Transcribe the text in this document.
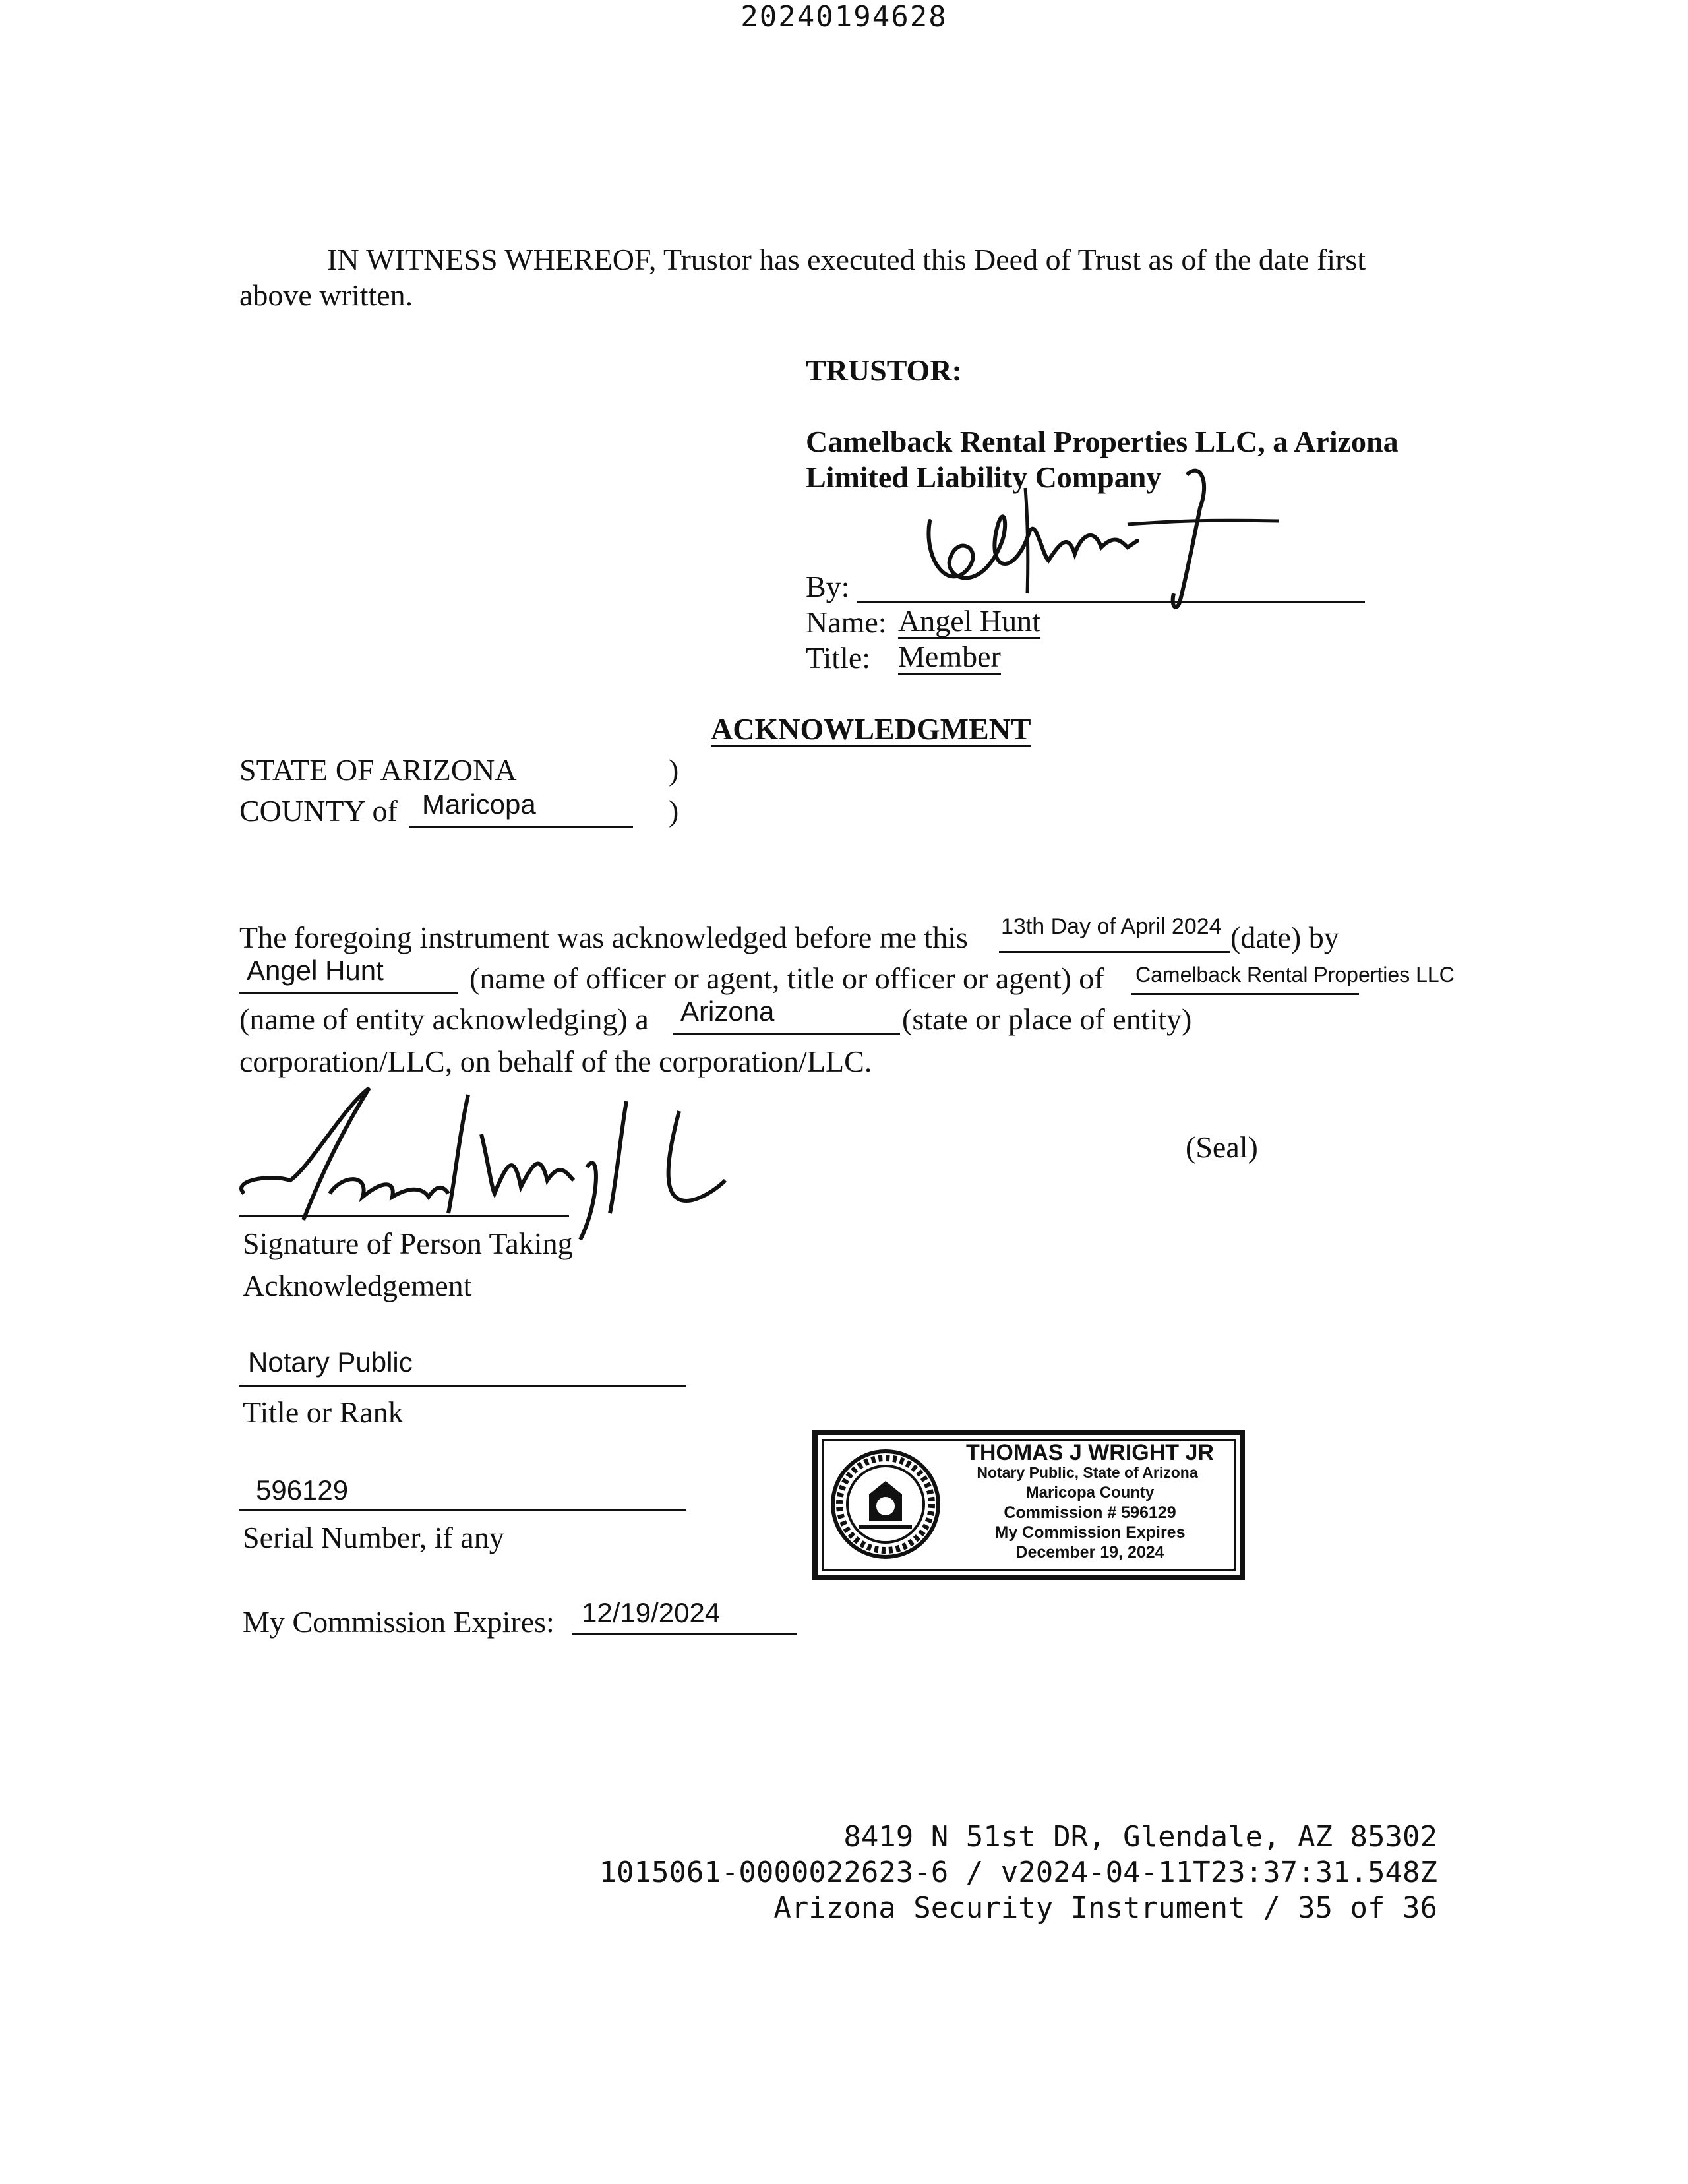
20240194628
IN WITNESS WHEREOF, Trustor has executed this Deed of Trust as of the date first
above written.
TRUSTOR:
Camelback Rental Properties LLC, a Arizona
Limited Liability Company
By:
Name: Angel Hunt
Title: Member
ACKNOWLEDGMENT
STATE OF ARIZONA	)
COUNTY of Maricopa	)
The foregoing instrument was acknowledged before me this 13th Day of April 2024 (date) by
Angel Hunt	(name of officer or agent, title or officer or agent) of Camelback Rental Properties LLC
(name of entity acknowledging) a Arizona	(state or place of entity)
corporation/LLC, on behalf of the corporation/LLC.
(Seal)
Signature of Person Taking
Acknowledgement
Notary Public
Title or Rank
596129
Serial Number, if any
My Commission Expires: 12/19/2024
THOMAS J WRIGHT JR
Notary Public, State of Arizona
Maricopa County
Commission # 596129
My Commission Expires
December 19, 2024
8419 N 51st DR, Glendale, AZ 85302
1015061-0000022623-6 / v2024-04-11T23:37:31.548Z
Arizona Security Instrument / 35 of 36
